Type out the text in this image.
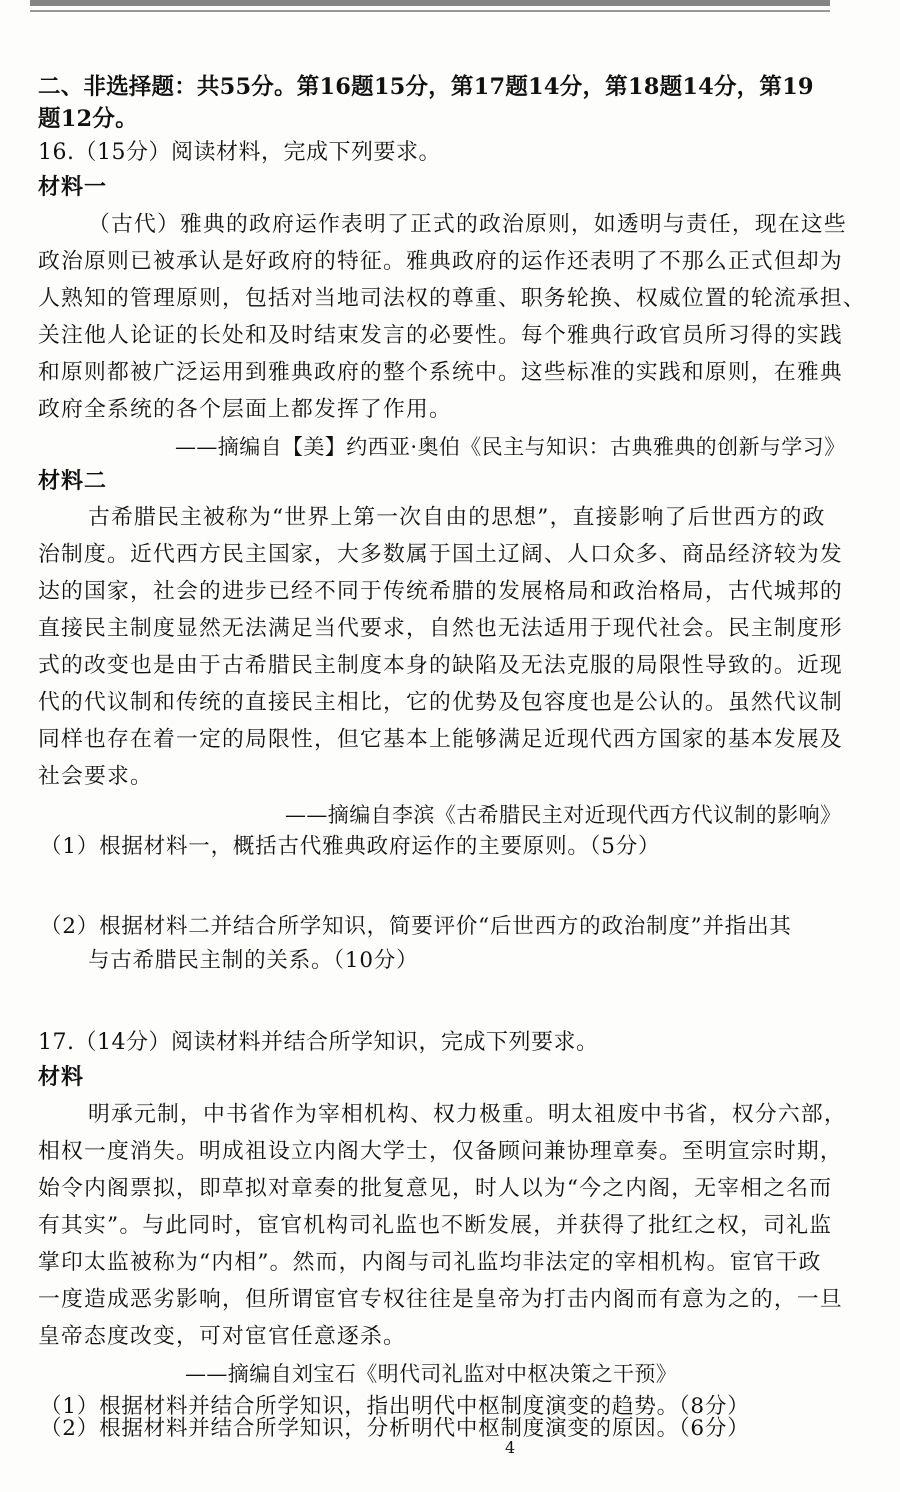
二、非选择题：共55分。第16题15分，第17题14分，第18题14分，第19
题12分。
16.（15分）阅读材料，完成下列要求。
材料一
（古代）雅典的政府运作表明了正式的政治原则，如透明与责任，现在这些
政治原则已被承认是好政府的特征。雅典政府的运作还表明了不那么正式但却为
人熟知的管理原则，包括对当地司法权的尊重、职务轮换、权威位置的轮流承担、
关注他人论证的长处和及时结束发言的必要性。每个雅典行政官员所习得的实践
和原则都被广泛运用到雅典政府的整个系统中。这些标准的实践和原则，在雅典
政府全系统的各个层面上都发挥了作用。
——摘编自【美】约西亚·奥伯《民主与知识：古典雅典的创新与学习》
材料二
古希腊民主被称为“世界上第一次自由的思想”，直接影响了后世西方的政
治制度。近代西方民主国家，大多数属于国土辽阔、人口众多、商品经济较为发
达的国家，社会的进步已经不同于传统希腊的发展格局和政治格局，古代城邦的
直接民主制度显然无法满足当代要求，自然也无法适用于现代社会。民主制度形
式的改变也是由于古希腊民主制度本身的缺陷及无法克服的局限性导致的。近现
代的代议制和传统的直接民主相比，它的优势及包容度也是公认的。虽然代议制
同样也存在着一定的局限性，但它基本上能够满足近现代西方国家的基本发展及
社会要求。
——摘编自李滨《古希腊民主对近现代西方代议制的影响》
（1）根据材料一，概括古代雅典政府运作的主要原则。（5分）
（2）根据材料二并结合所学知识，简要评价“后世西方的政治制度”并指出其
与古希腊民主制的关系。（10分）
17.（14分）阅读材料并结合所学知识，完成下列要求。
材料
明承元制，中书省作为宰相机构、权力极重。明太祖废中书省，权分六部，
相权一度消失。明成祖设立内阁大学士，仅备顾问兼协理章奏。至明宣宗时期，
始令内阁票拟，即草拟对章奏的批复意见，时人以为“今之内阁，无宰相之名而
有其实”。与此同时，宦官机构司礼监也不断发展，并获得了批红之权，司礼监
掌印太监被称为“内相”。然而，内阁与司礼监均非法定的宰相机构。宦官干政
一度造成恶劣影响，但所谓宦官专权往往是皇帝为打击内阁而有意为之的，一旦
皇帝态度改变，可对宦官任意逐杀。
——摘编自刘宝石《明代司礼监对中枢决策之干预》
（1）根据材料并结合所学知识，指出明代中枢制度演变的趋势。（8分）
（2）根据材料并结合所学知识，分析明代中枢制度演变的原因。（6分）
4
